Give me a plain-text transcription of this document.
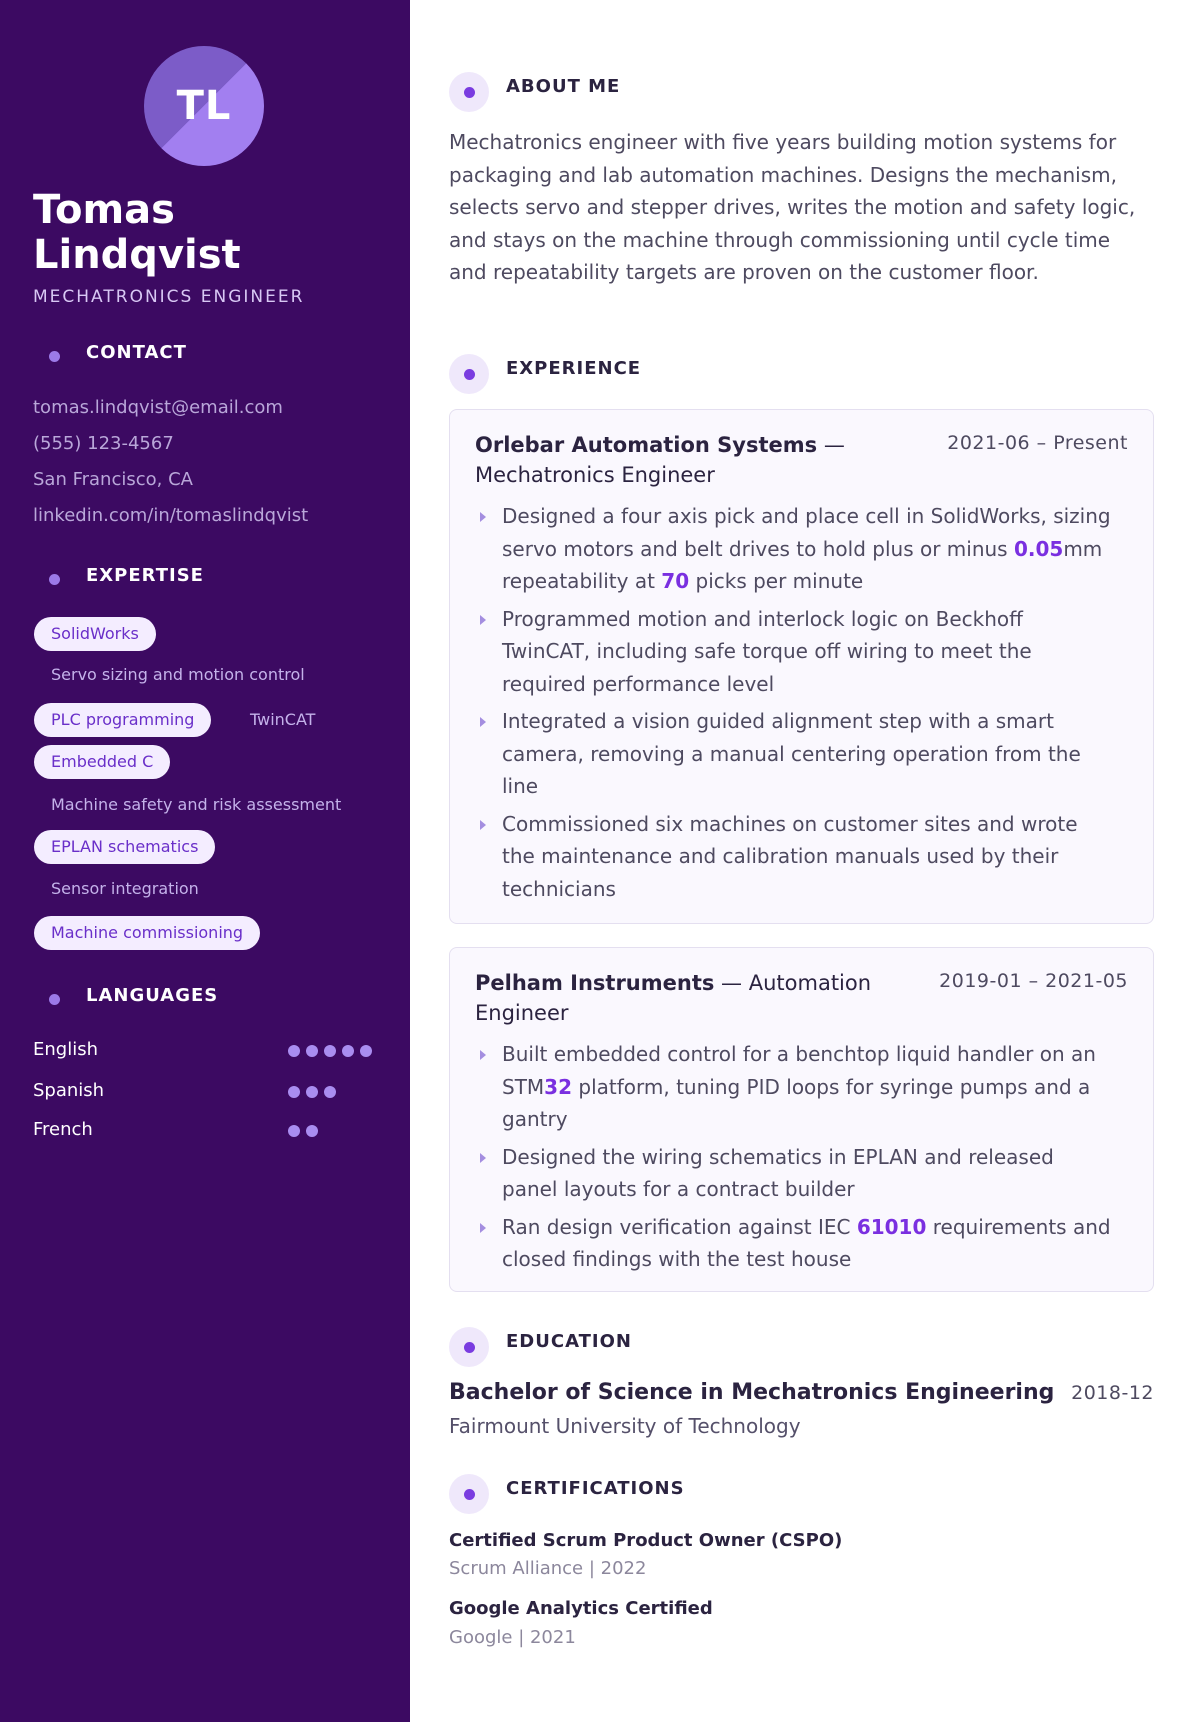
TL
Tomas Lindqvist
MECHATRONICS ENGINEER
CONTACT
tomas.lindqvist@email.com
(555) 123-4567
San Francisco, CA
linkedin.com/in/tomaslindqvist
EXPERTISE
SolidWorks
Servo sizing and motion control
PLC programming	TwinCAT
Embedded C
Machine safety and risk assessment
EPLAN schematics
Sensor integration
Machine commissioning
LANGUAGES
English
Spanish
French
ABOUT ME
Mechatronics engineer with five years building motion systems for packaging and lab automation machines. Designs the mechanism, selects servo and stepper drives, writes the motion and safety logic, and stays on the machine through commissioning until cycle time and repeatability targets are proven on the customer floor.
EXPERIENCE
Orlebar Automation Systems — Mechatronics Engineer
2021-06 – Present
Designed a four axis pick and place cell in SolidWorks, sizing servo motors and belt drives to hold plus or minus 0.05mm repeatability at 70 picks per minute
Programmed motion and interlock logic on Beckhoff TwinCAT, including safe torque off wiring to meet the required performance level
Integrated a vision guided alignment step with a smart camera, removing a manual centering operation from the line
Commissioned six machines on customer sites and wrote the maintenance and calibration manuals used by their technicians
Pelham Instruments — Automation Engineer
2019-01 – 2021-05
Built embedded control for a benchtop liquid handler on an STM32 platform, tuning PID loops for syringe pumps and a gantry
Designed the wiring schematics in EPLAN and released panel layouts for a contract builder
Ran design verification against IEC 61010 requirements and closed findings with the test house
EDUCATION
Bachelor of Science in Mechatronics Engineering 2018-12
Fairmount University of Technology
CERTIFICATIONS
Certified Scrum Product Owner (CSPO)
Scrum Alliance | 2022
Google Analytics Certified
Google | 2021
